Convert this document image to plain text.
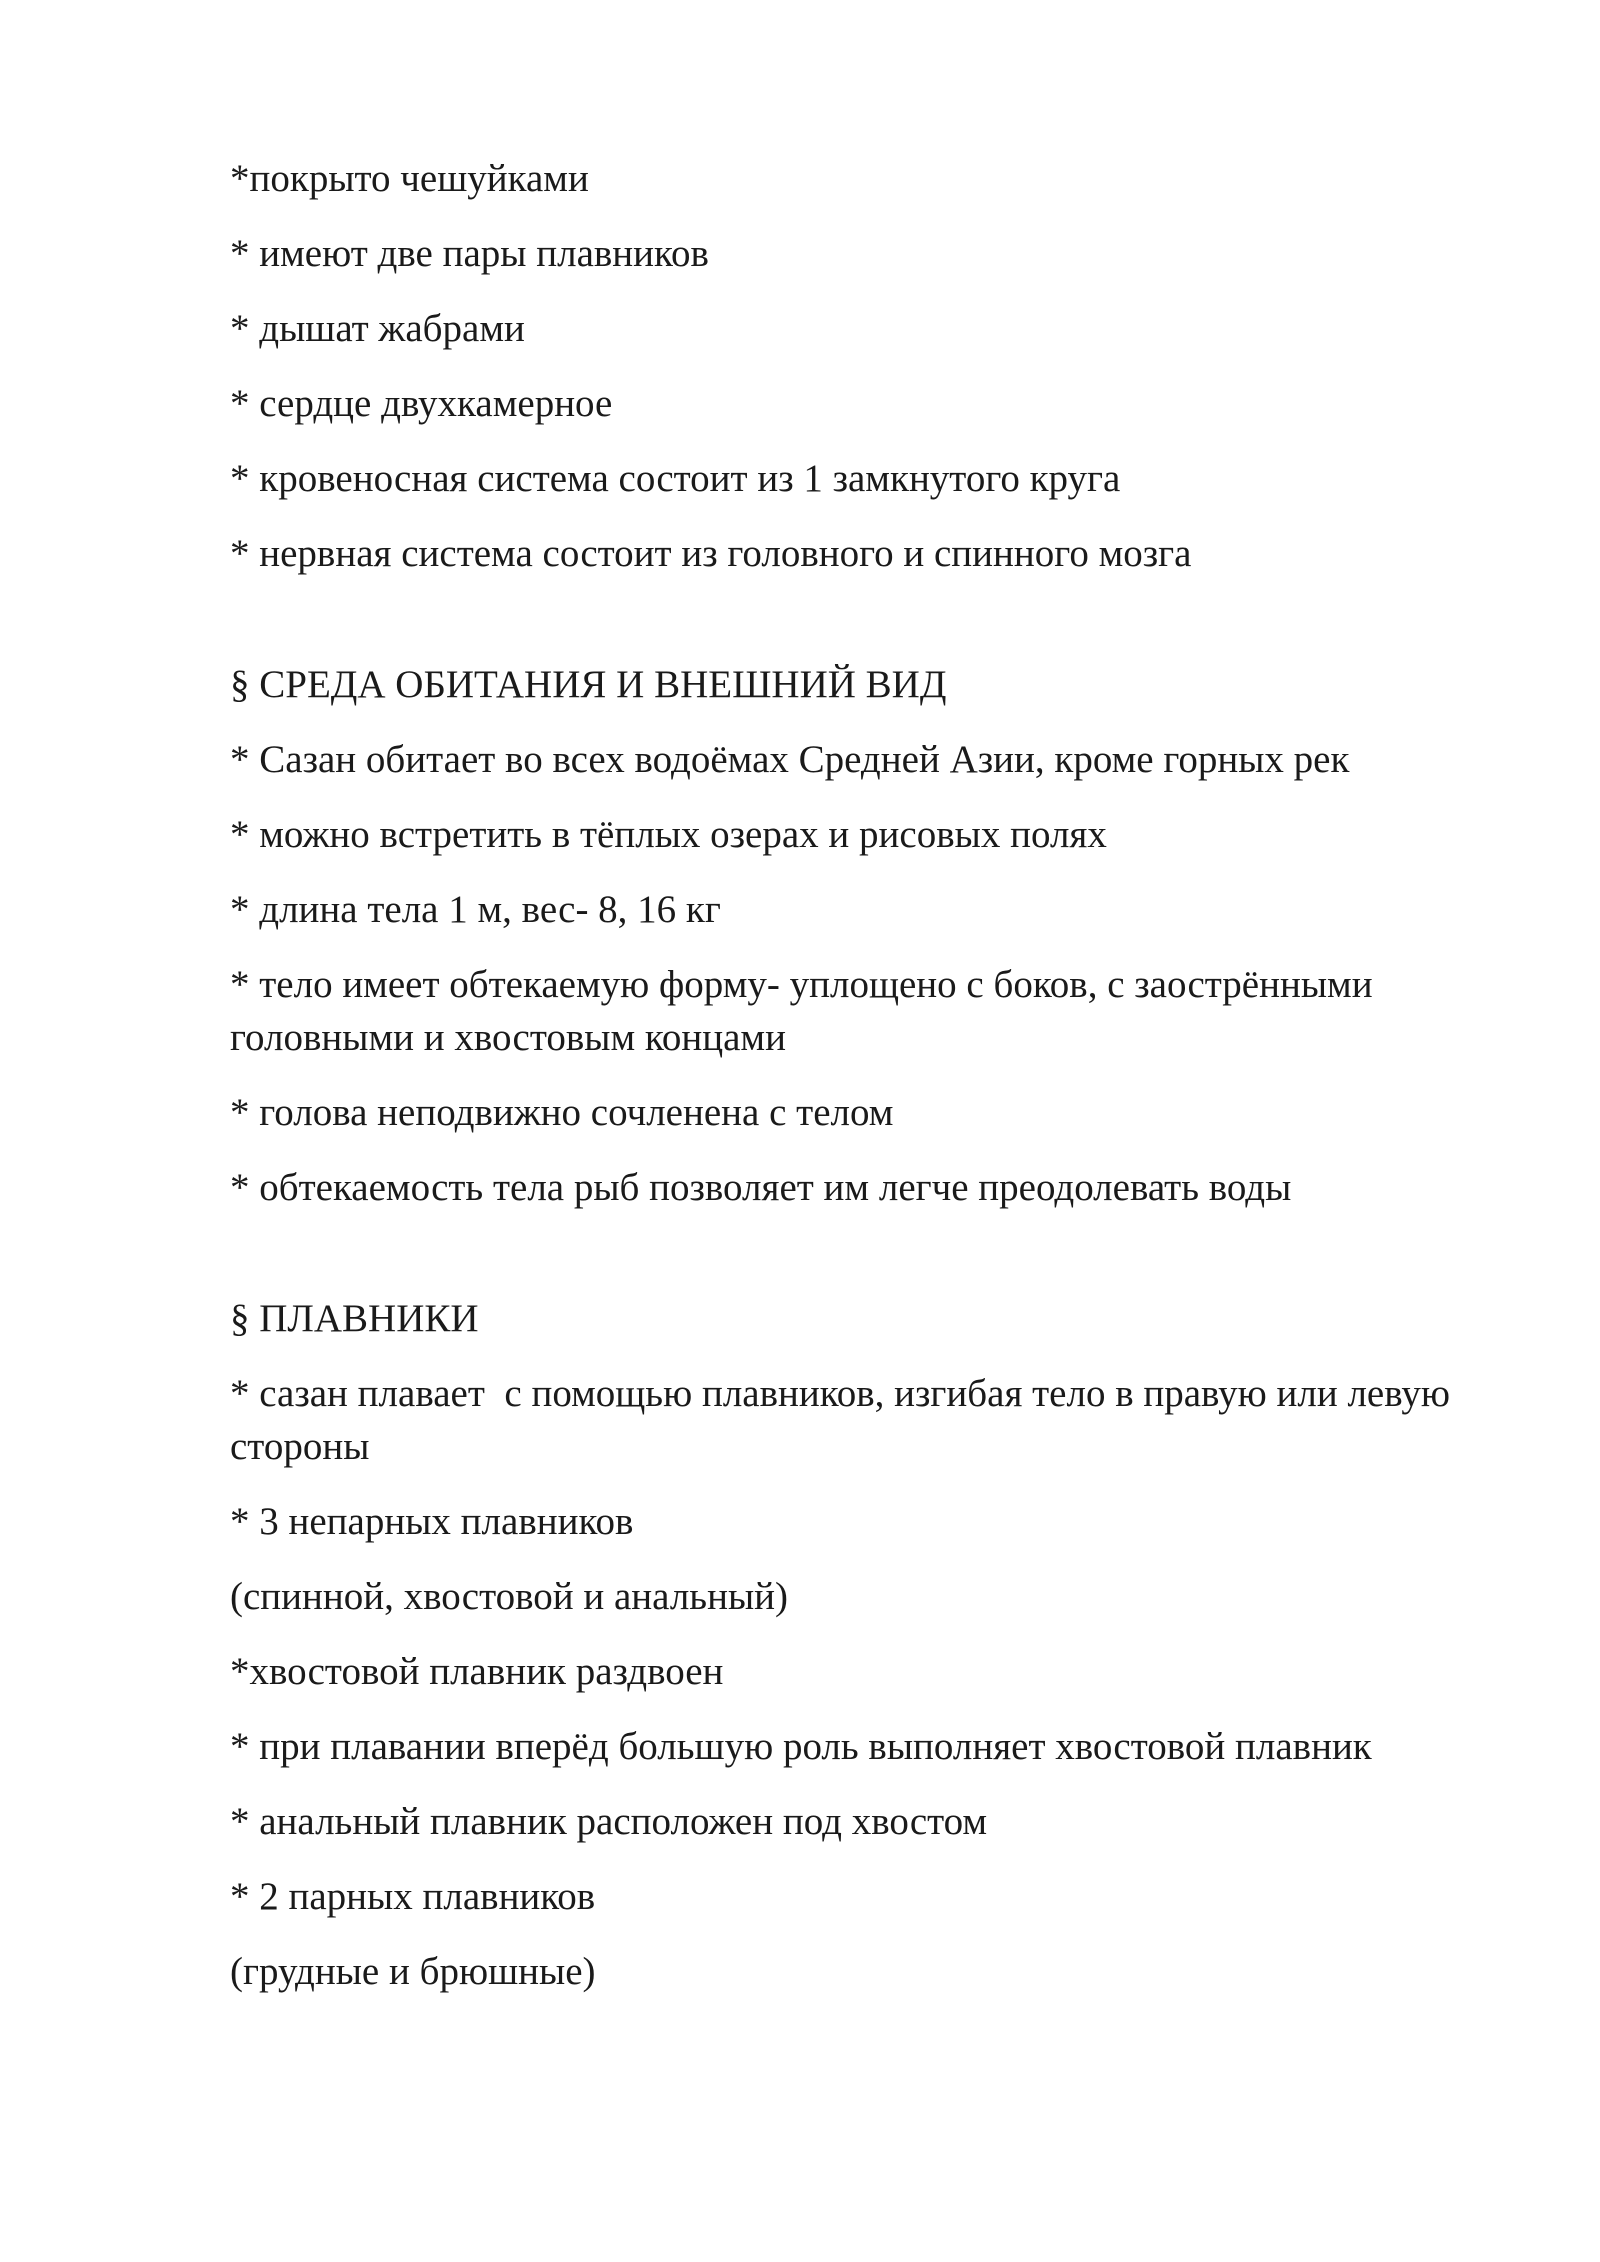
*покрыто чешуйками

* имеют две пары плавников

* дышат жабрами

* сердце двухкамерное

* кровеносная система состоит из 1 замкнутого круга

* нервная система состоит из головного и спинного мозга

§ СРЕДА ОБИТАНИЯ И ВНЕШНИЙ ВИД

* Сазан обитает во всех водоёмах Средней Азии, кроме горных рек

* можно встретить в тёплых озерах и рисовых полях

* длина тела 1 м, вес- 8, 16 кг

* тело имеет обтекаемую форму- уплощено с боков, с заострёнными головными и хвостовым концами

* голова неподвижно сочленена с телом

* обтекаемость тела рыб позволяет им легче преодолевать воды

§ ПЛАВНИКИ

* сазан плавает  с помощью плавников, изгибая тело в правую или левую стороны

* 3 непарных плавников

(спинной, хвостовой и анальный)

*хвостовой плавник раздвоен

* при плавании вперёд большую роль выполняет хвостовой плавник

* анальный плавник расположен под хвостом

* 2 парных плавников

(грудные и брюшные)
